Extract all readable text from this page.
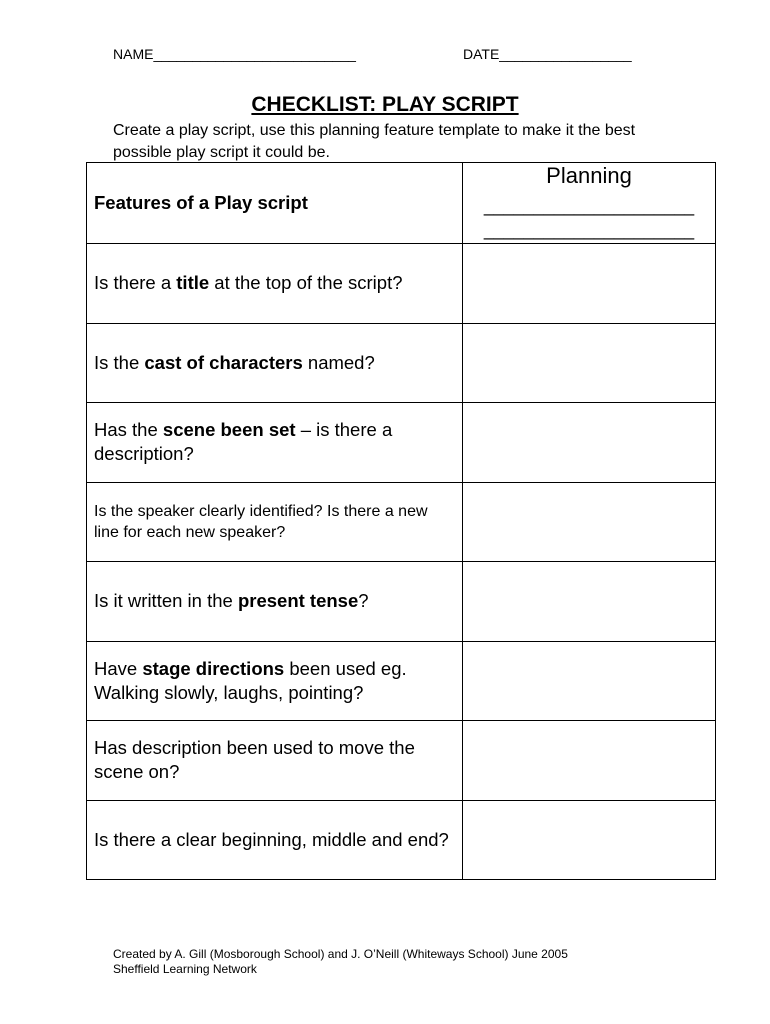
NAME__________________________	DATE_________________
CHECKLIST: PLAY SCRIPT
Create a play script, use this planning feature template to make it the best possible play script it could be.
Features of a Play script	Planning
_____________________
_____________________

Is there a title at the top of the script?	
Is the cast of characters named?	
Has the scene been set – is there a description?	
Is the speaker clearly identified? Is there a new line for each new speaker?	
Is it written in the present tense?	
Have stage directions been used eg. Walking slowly, laughs, pointing?	
Has description been used to move the scene on?	
Is there a clear beginning, middle and end?	
Created by A. Gill (Mosborough School) and J. O’Neill (Whiteways School) June 2005
Sheffield Learning Network
